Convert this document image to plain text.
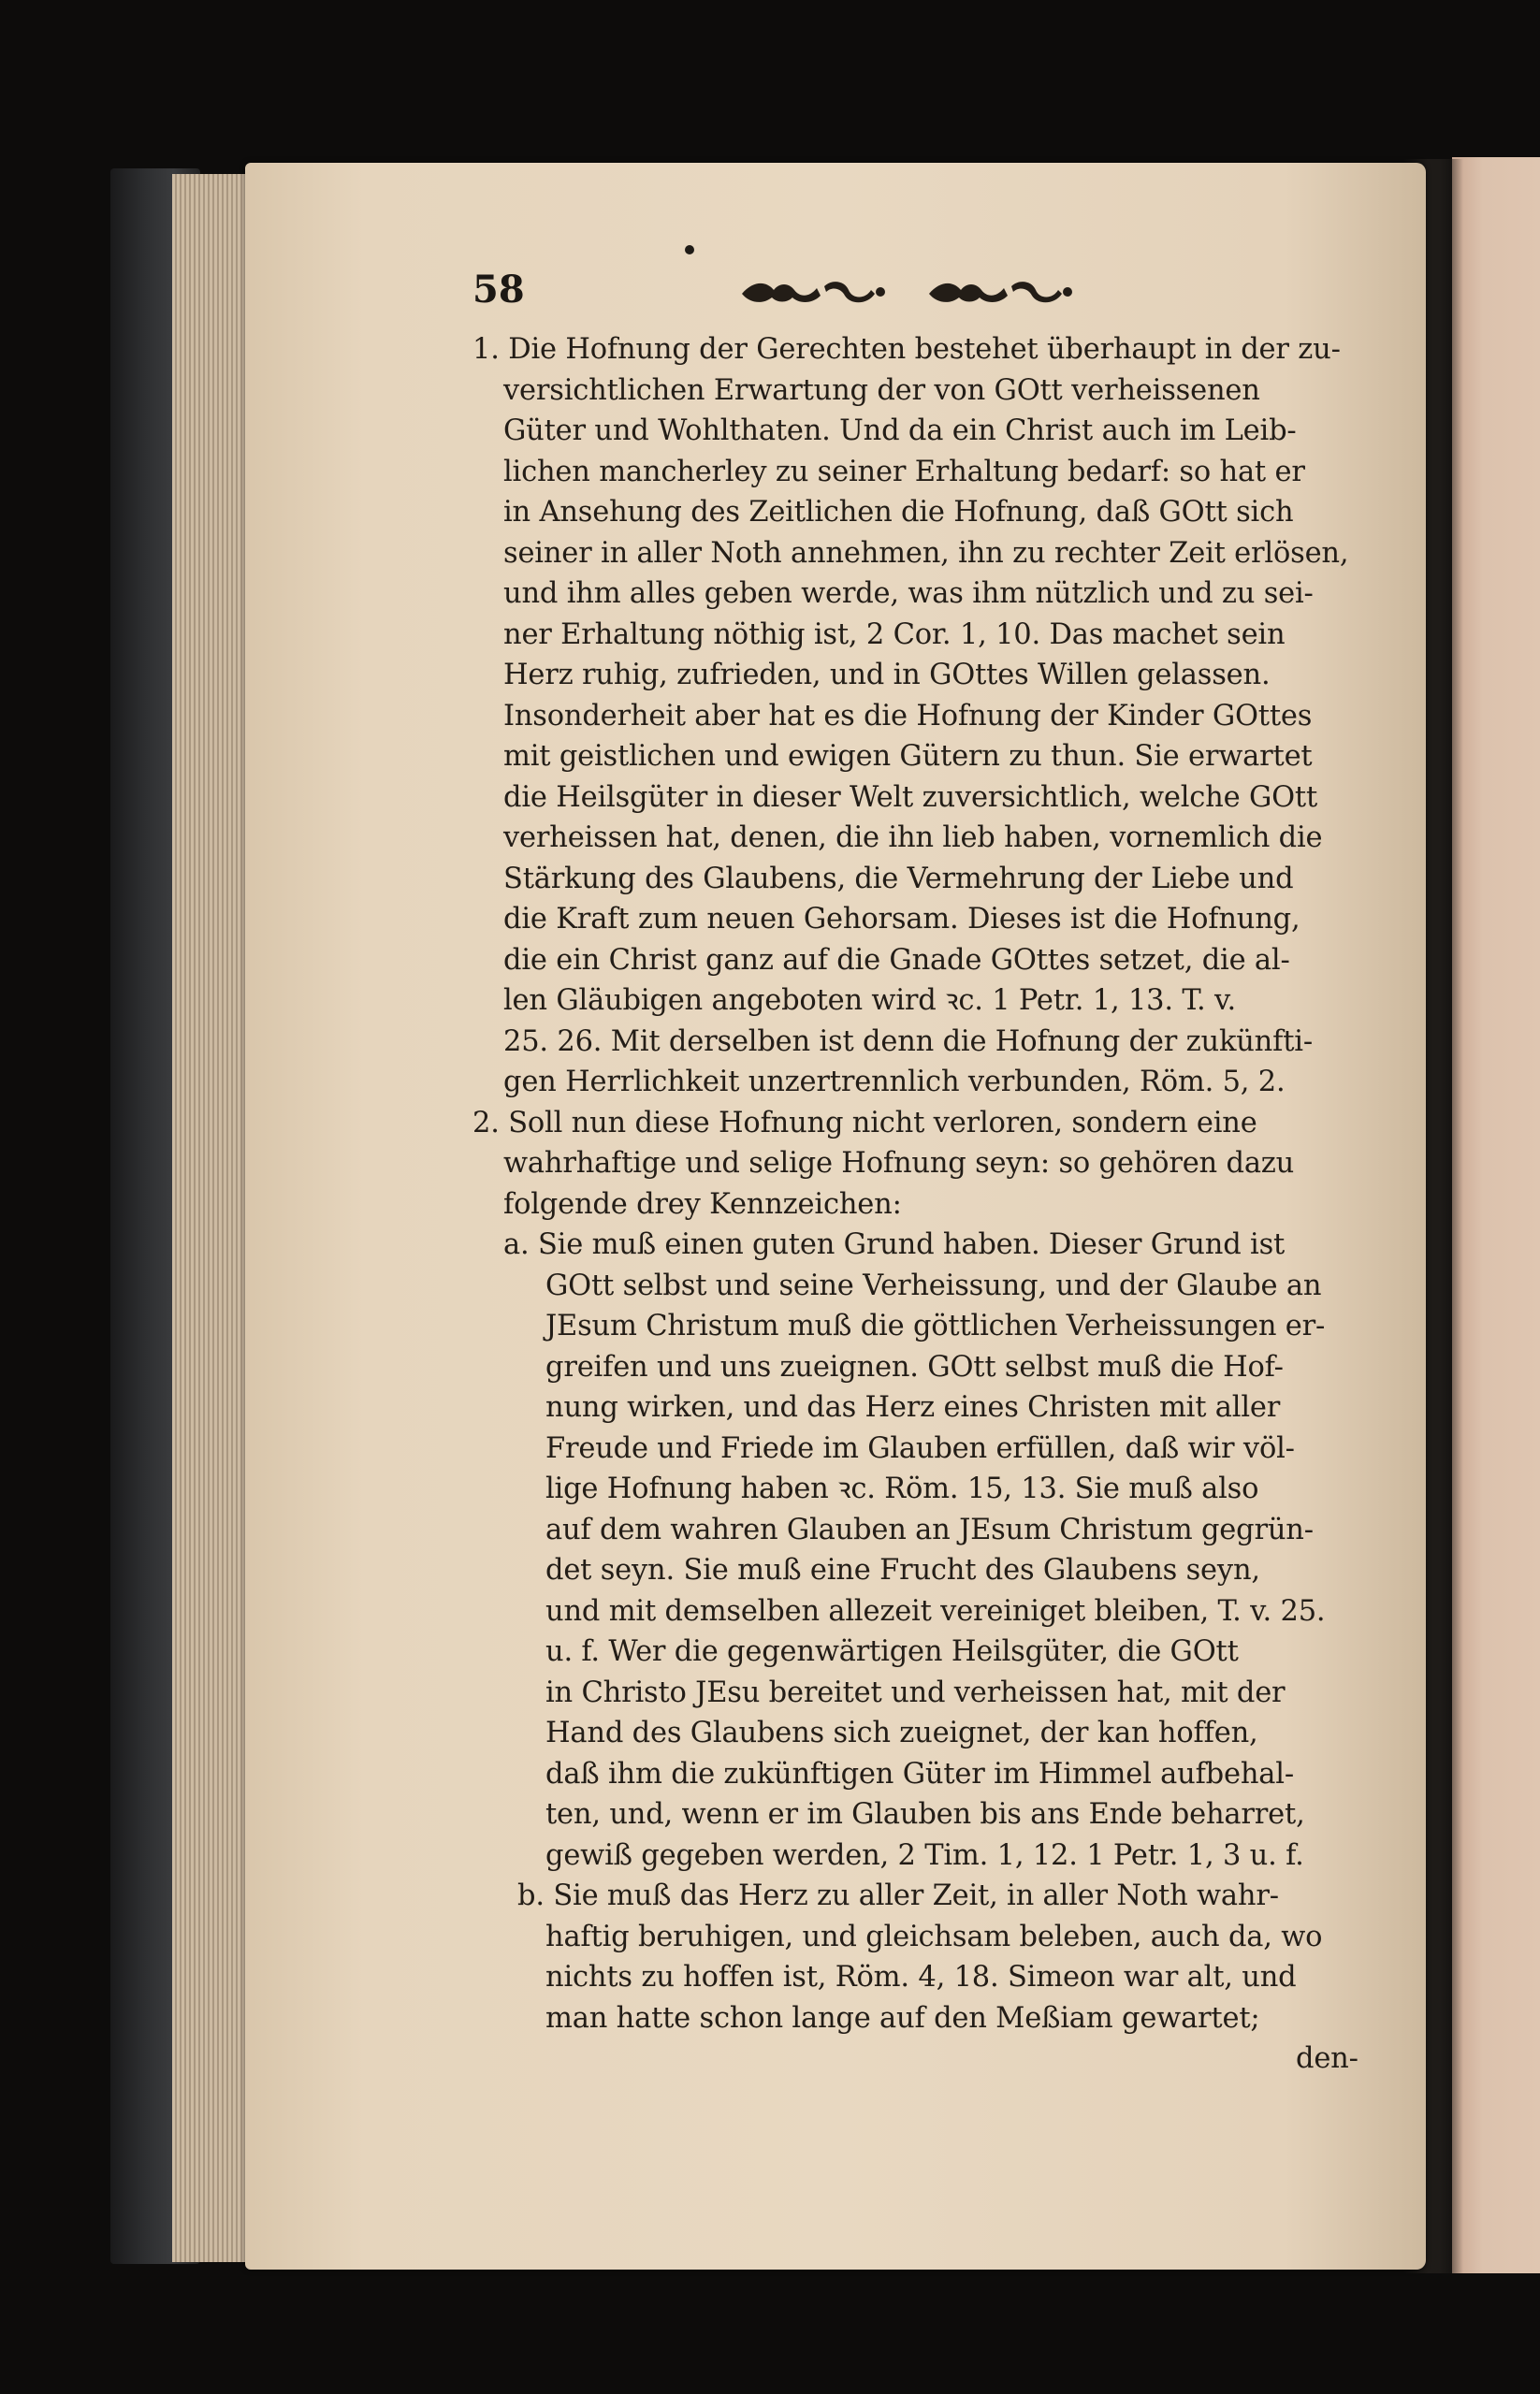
58
1. Die Hofnung der Gerechten bestehet überhaupt in der zu-
versichtlichen Erwartung der von GOtt verheissenen
Güter und Wohlthaten. Und da ein Christ auch im Leib-
lichen mancherley zu seiner Erhaltung bedarf: so hat er
in Ansehung des Zeitlichen die Hofnung, daß GOtt sich
seiner in aller Noth annehmen, ihn zu rechter Zeit erlösen,
und ihm alles geben werde, was ihm nützlich und zu sei-
ner Erhaltung nöthig ist, 2 Cor. 1, 10. Das machet sein
Herz ruhig, zufrieden, und in GOttes Willen gelassen.
Insonderheit aber hat es die Hofnung der Kinder GOttes
mit geistlichen und ewigen Gütern zu thun. Sie erwartet
die Heilsgüter in dieser Welt zuversichtlich, welche GOtt
verheissen hat, denen, die ihn lieb haben, vornemlich die
Stärkung des Glaubens, die Vermehrung der Liebe und
die Kraft zum neuen Gehorsam. Dieses ist die Hofnung,
die ein Christ ganz auf die Gnade GOttes setzet, die al-
len Gläubigen angeboten wird ꝛc. 1 Petr. 1, 13. T. v.
25. 26. Mit derselben ist denn die Hofnung der zukünfti-
gen Herrlichkeit unzertrennlich verbunden, Röm. 5, 2.
2. Soll nun diese Hofnung nicht verloren, sondern eine
wahrhaftige und selige Hofnung seyn: so gehören dazu
folgende drey Kennzeichen:
a. Sie muß einen guten Grund haben. Dieser Grund ist
GOtt selbst und seine Verheissung, und der Glaube an
JEsum Christum muß die göttlichen Verheissungen er-
greifen und uns zueignen. GOtt selbst muß die Hof-
nung wirken, und das Herz eines Christen mit aller
Freude und Friede im Glauben erfüllen, daß wir völ-
lige Hofnung haben ꝛc. Röm. 15, 13. Sie muß also
auf dem wahren Glauben an JEsum Christum gegrün-
det seyn. Sie muß eine Frucht des Glaubens seyn,
und mit demselben allezeit vereiniget bleiben, T. v. 25.
u. f. Wer die gegenwärtigen Heilsgüter, die GOtt
in Christo JEsu bereitet und verheissen hat, mit der
Hand des Glaubens sich zueignet, der kan hoffen,
daß ihm die zukünftigen Güter im Himmel aufbehal-
ten, und, wenn er im Glauben bis ans Ende beharret,
gewiß gegeben werden, 2 Tim. 1, 12. 1 Petr. 1, 3 u. f.
b. Sie muß das Herz zu aller Zeit, in aller Noth wahr-
haftig beruhigen, und gleichsam beleben, auch da, wo
nichts zu hoffen ist, Röm. 4, 18. Simeon war alt, und
man hatte schon lange auf den Meßiam gewartet;
den-
